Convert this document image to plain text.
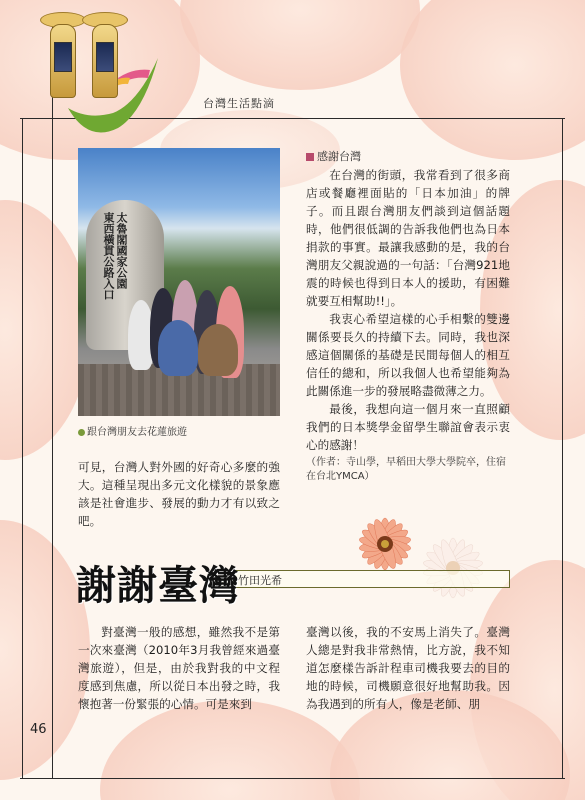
台灣生活點滴
太魯閣國家公園
東西橫貫公路入口
跟台灣朋友去花蓮旅遊
可見，台灣人對外國的好奇心多麼的強大。這種呈現出多元文化樣貌的景象應該是社會進步、發展的動力才有以致之吧。
感謝台灣

在台灣的街頭，我常看到了很多商店或餐廳裡面貼的「日本加油」的牌子。而且跟台灣朋友們談到這個話題時，他們很低調的告訴我他們也為日本捐款的事實。最讓我感動的是，我的台灣朋友父親說過的一句話：「台灣921地震的時候也得到日本人的援助，有困難就要互相幫助!!」。

我衷心希望這樣的心手相繫的雙邊關係要長久的持續下去。同時，我也深感這個關係的基礎是民間每個人的相互信任的總和，所以我個人也希望能夠為此關係進一步的發展略盡微薄之力。

最後，我想向這一個月來一直照顧我們的日本獎學金留學生聯誼會表示衷心的感謝！

（作者：寺山學，早稻田大學大學院卒，住宿在台北YMCA）
竹田光希
謝謝臺灣

對臺灣一般的感想，雖然我不是第一次來臺灣（2010年3月我曾經來過臺灣旅遊），但是，由於我對我的中文程度感到焦慮，所以從日本出發之時，我懷抱著一份緊張的心情。可是來到

臺灣以後，我的不安馬上消失了。臺灣人總是對我非常熱情，比方說，我不知道怎麼樣告訴計程車司機我要去的目的地的時候，司機願意很好地幫助我。因為我遇到的所有人，像是老師、朋

46
